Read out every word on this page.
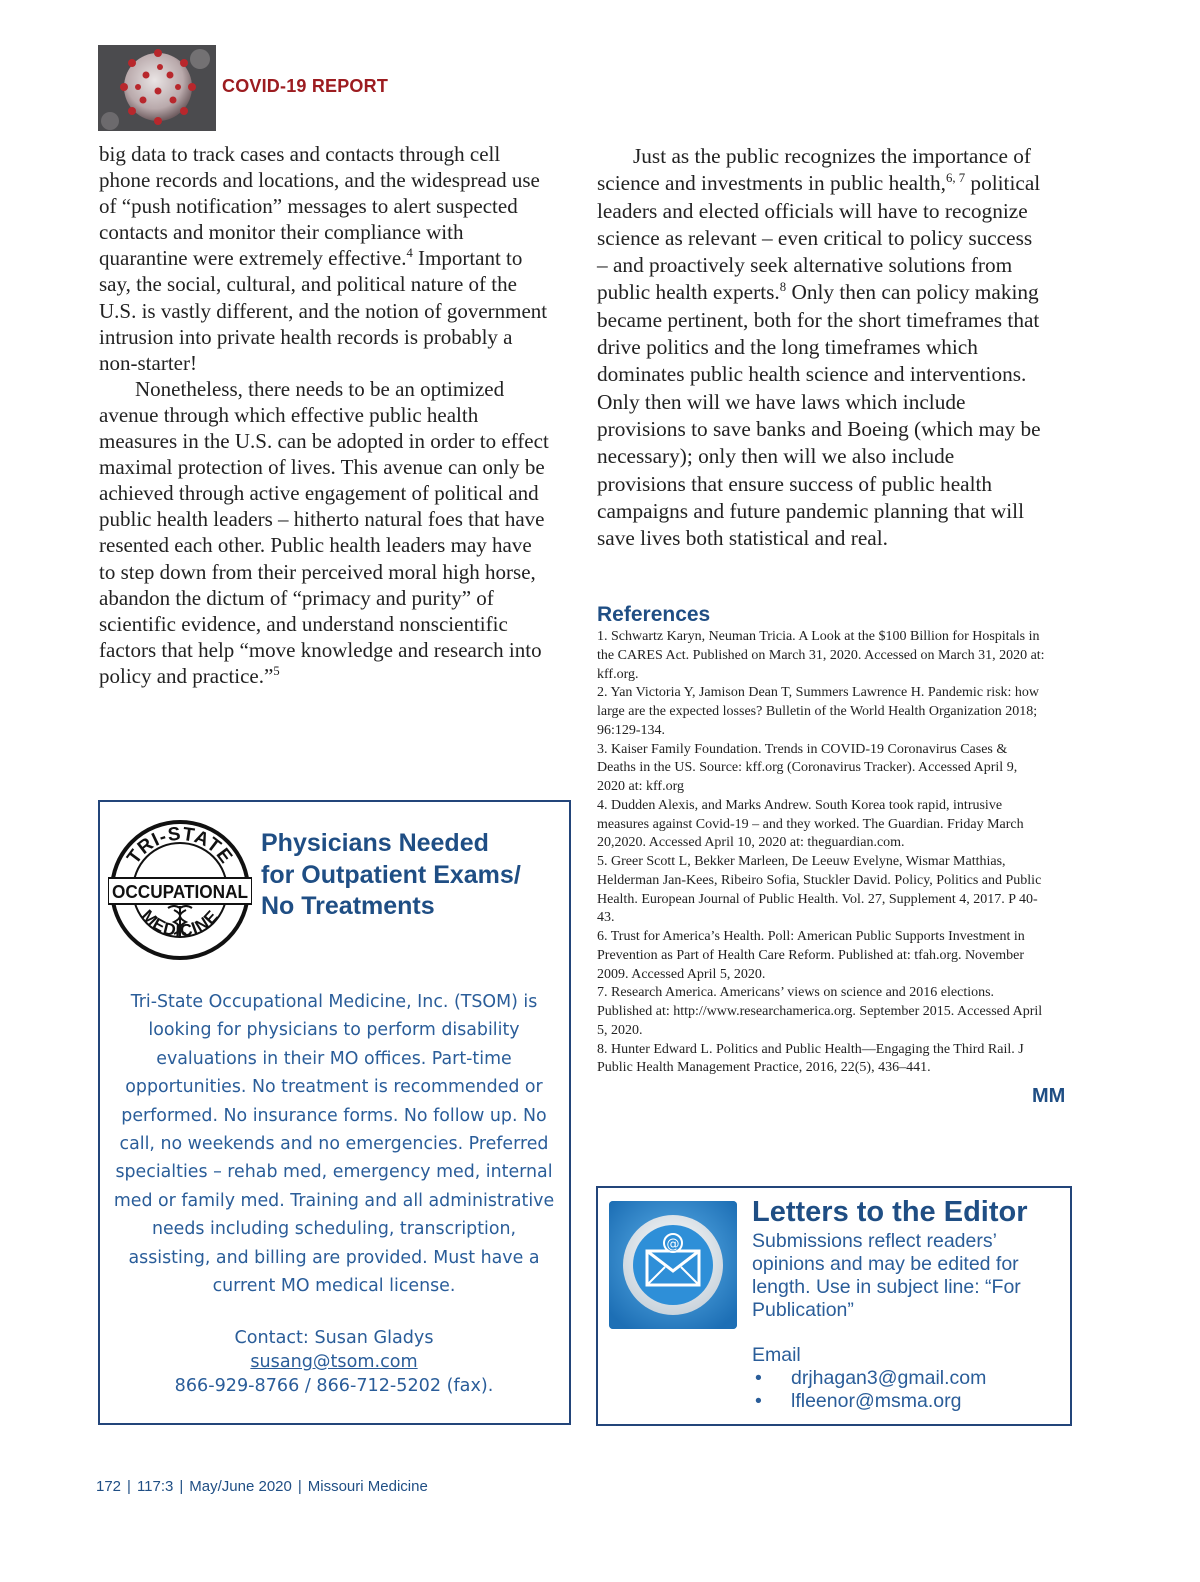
COVID-19 REPORT

big data to track cases and contacts through cell phone records and locations, and the widespread use of “push notification” messages to alert suspected contacts and monitor their compliance with quarantine were extremely effective.$^4$ Important to say, the social, cultural, and political nature of the U.S. is vastly different, and the notion of government intrusion into private health records is probably a non-starter!

Nonetheless, there needs to be an optimized avenue through which effective public health measures in the U.S. can be adopted in order to effect maximal protection of lives. This avenue can only be achieved through active engagement of political and public health leaders – hitherto natural foes that have resented each other. Public health leaders may have to step down from their perceived moral high horse, abandon the dictum of “primacy and purity” of scientific evidence, and understand nonscientific factors that help “move knowledge and research into policy and practice.”$^5$

Just as the public recognizes the importance of science and investments in public health,$^{6, 7}$ political leaders and elected officials will have to recognize science as relevant – even critical to policy success – and proactively seek alternative solutions from public health experts.$^8$ Only then can policy making became pertinent, both for the short timeframes that drive politics and the long timeframes which dominates public health science and interventions. Only then will we have laws which include provisions to save banks and Boeing (which may be necessary); only then will we also include provisions that ensure success of public health campaigns and future pandemic planning that will save lives both statistical and real.

References
1. Schwartz Karyn, Neuman Tricia. A Look at the $100 Billion for Hospitals in the CARES Act. Published on March 31, 2020. Accessed on March 31, 2020 at: kff.org.
2. Yan Victoria Y, Jamison Dean T, Summers Lawrence H. Pandemic risk: how large are the expected losses? Bulletin of the World Health Organization 2018; 96:129-134.
3. Kaiser Family Foundation. Trends in COVID-19 Coronavirus Cases & Deaths in the US. Source: kff.org (Coronavirus Tracker). Accessed April 9, 2020 at: kff.org
4. Dudden Alexis, and Marks Andrew. South Korea took rapid, intrusive measures against Covid-19 – and they worked. The Guardian. Friday March 20,2020. Accessed April 10, 2020 at: theguardian.com.
5. Greer Scott L, Bekker Marleen, De Leeuw Evelyne, Wismar Matthias, Helderman Jan-Kees, Ribeiro Sofia, Stuckler David. Policy, Politics and Public Health. European Journal of Public Health. Vol. 27, Supplement 4, 2017. P 40-43.
6. Trust for America’s Health. Poll: American Public Supports Investment in Prevention as Part of Health Care Reform. Published at: tfah.org. November 2009. Accessed April 5, 2020.
7. Research America. Americans’ views on science and 2016 elections. Published at: http://www.researchamerica.org. September 2015. Accessed April 5, 2020.
8. Hunter Edward L. Politics and Public Health—Engaging the Third Rail. J Public Health Management Practice, 2016, 22(5), 436–441.
MM
TRI-STATE
MEDICINE
OCCUPATIONAL
Physicians Needed
for Outpatient Exams/
No Treatments
Tri-State Occupational Medicine, Inc. (TSOM) is looking for physicians to perform disability evaluations in their MO offices. Part-time opportunities. No treatment is recommended or performed. No insurance forms. No follow up. No call, no weekends and no emergencies. Preferred specialties – rehab med, emergency med, internal med or family med. Training and all administrative needs including scheduling, transcription, assisting, and billing are provided. Must have a current MO medical license.
Contact: Susan Gladys
susang@tsom.com
866-929-8766 / 866-712-5202 (fax).
@
Letters to the Editor
Submissions reflect readers’ opinions and may be edited for length. Use in subject line: “For Publication”
Email
• drjhagan3@gmail.com
• lfleenor@msma.org
172 | 117:3 | May/June 2020 | Missouri Medicine
